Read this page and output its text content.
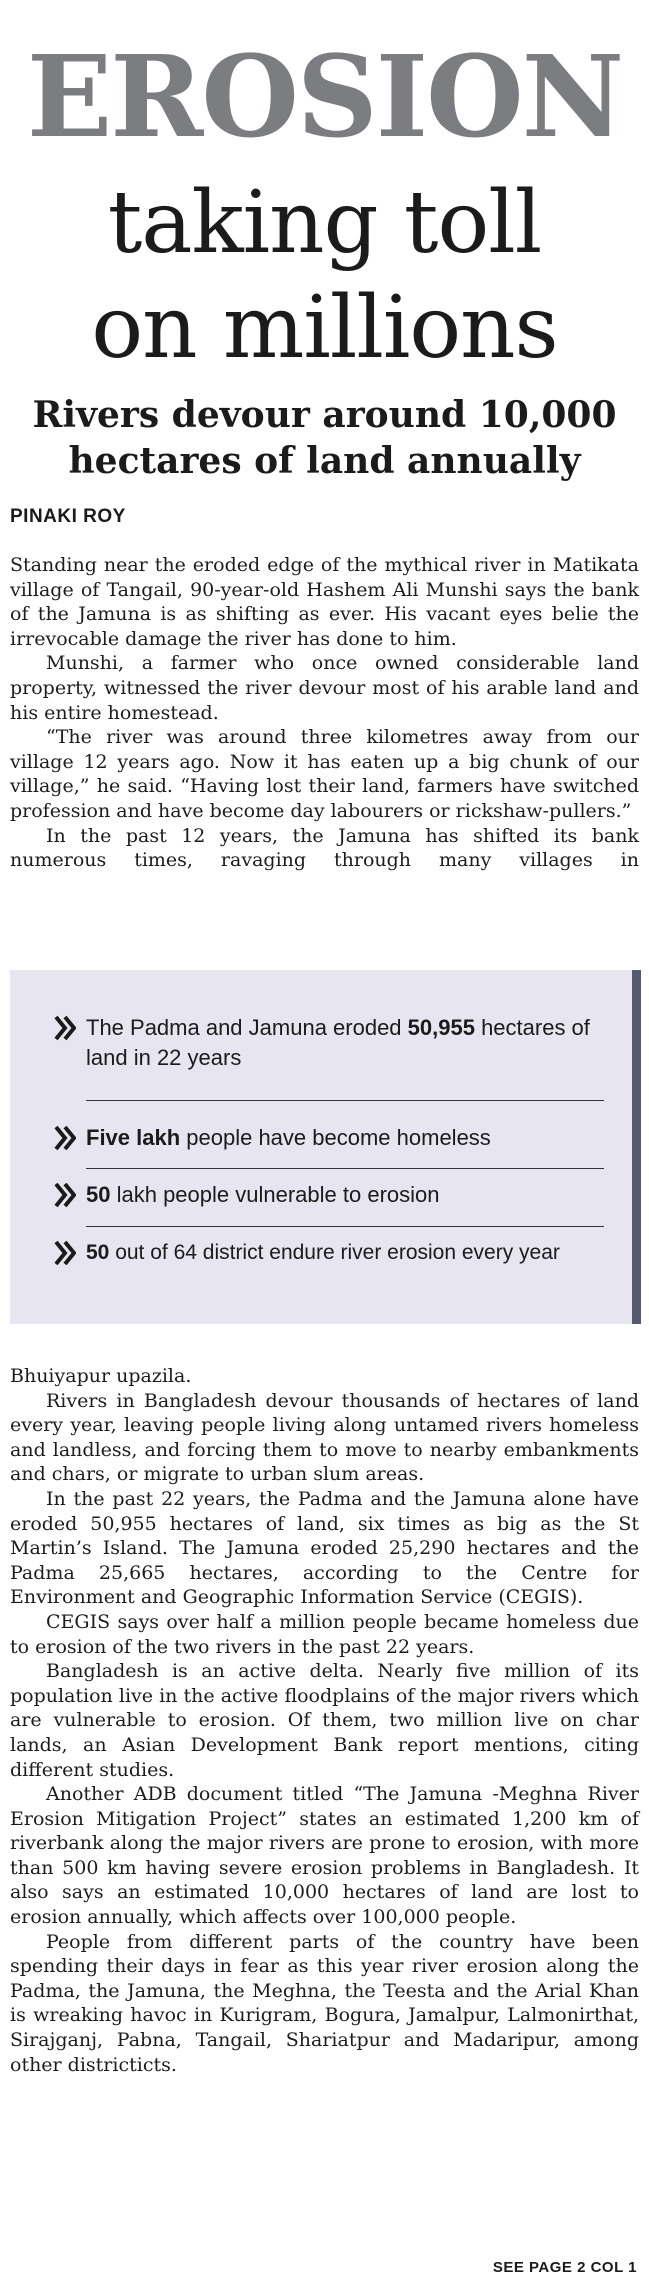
EROSION
taking toll
on millions
Rivers devour around 10,000
hectares of land annually
PINAKI ROY

Standing near the eroded edge of the mythical river in Matikata village of Tangail, 90-year-old Hashem Ali Munshi says the bank of the Jamuna is as shifting as ever. His vacant eyes belie the irrevocable damage the river has done to him.

Munshi, a farmer who once owned considerable land property, witnessed the river devour most of his arable land and his entire homestead.

“The river was around three kilometres away from our village 12 years ago. Now it has eaten up a big chunk of our village,” he said. “Having lost their land, farmers have switched profession and have become day labourers or rickshaw-pullers.”

In the past 12 years, the Jamuna has shifted its bank numerous times, ravaging through many villages in

The Padma and Jamuna eroded 50,955 hectares of land in 22 years
Five lakh people have become homeless
50 lakh people vulnerable to erosion
50 out of 64 district endure river erosion every year

Bhuiyapur upazila.

Rivers in Bangladesh devour thousands of hectares of land every year, leaving people living along untamed rivers homeless and landless, and forcing them to move to nearby embankments and chars, or migrate to urban slum areas.

In the past 22 years, the Padma and the Jamuna alone have eroded 50,955 hectares of land, six times as big as the St Martin’s Island. The Jamuna eroded 25,290 hectares and the Padma 25,665 hectares, according to the Centre for Environment and Geographic Information Service (CEGIS).

CEGIS says over half a million people became homeless due to erosion of the two rivers in the past 22 years.

Bangladesh is an active delta. Nearly five million of its population live in the active floodplains of the major rivers which are vulnerable to erosion. Of them, two million live on char lands, an Asian Development Bank report mentions, citing different studies.

Another ADB document titled “The Jamuna -Meghna River Erosion Mitigation Project” states an estimated 1,200 km of riverbank along the major rivers are prone to erosion, with more than 500 km having severe erosion problems in Bangladesh. It also says an estimated 10,000 hectares of land are lost to erosion annually, which affects over 100,000 people.

People from different parts of the country have been spending their days in fear as this year river erosion along the Padma, the Jamuna, the Meghna, the Teesta and the Arial Khan is wreaking havoc in Kurigram, Bogura, Jamalpur, Lalmonirthat, Sirajganj, Pabna, Tangail, Shariatpur and Madaripur, among other districticts.

SEE PAGE 2 COL 1
